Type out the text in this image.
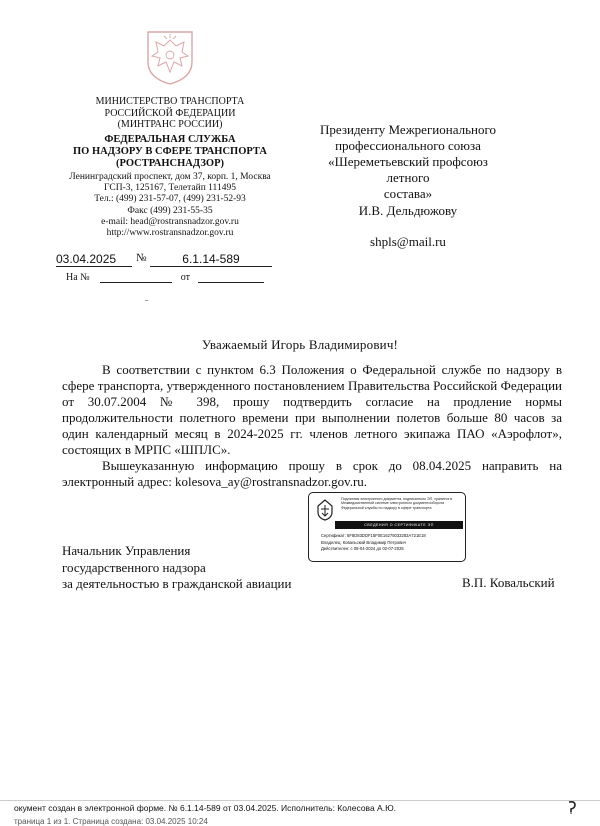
МИНИСТЕРСТВО ТРАНСПОРТА
РОССИЙСКОЙ ФЕДЕРАЦИИ
(МИНТРАНС РОССИИ)
ФЕДЕРАЛЬНАЯ СЛУЖБА
ПО НАДЗОРУ В СФЕРЕ ТРАНСПОРТА
(РОСТРАНСНАДЗОР)
Ленинградский проспект, дом 37, корп. 1, Москва
ГСП-3, 125167, Телетайп 111495
Тел.: (499) 231-57-07, (499) 231-52-93
Факс (499) 231-55-35
e-mail: head@rostransnadzor.gov.ru
http://www.rostransnadzor.gov.ru
03.04.2025	№	6.1.14-589
На №	от
Президенту Межрегионального
профессионального союза
«Шереметьевский профсоюз летного
состава»
И.В. Дельдюжову
shpls@mail.ru
Уважаемый Игорь Владимирович!

В соответствии с пунктом 6.3 Положения о Федеральной службе по надзору в сфере транспорта, утвержденного постановлением Правительства Российской Федерации от 30.07.2004 № 398, прошу подтвердить согласие на продление нормы продолжительности полетного времени при выполнении полетов больше 80 часов за один календарный месяц в 2024-2025 гг. членов летного экипажа ПАО «Аэрофлот», состоящих в МРПС «ШПЛС».

Вышеуказанную информацию прошу в срок до 08.04.2025 направить на электронный адрес: kolesova_ay@rostransnadzor.gov.ru.

Подлинник электронного документа, подписанного ЭП, хранится в Межведомственной системе электронного документооборота Федеральной службы по надзору в сфере транспорта
СВЕДЕНИЯ О СЕРТИФИКАТЕ ЭП
Сертификат: 6F8D83DDF15F0E16275033283A721E18
Владелец: Ковальский Владимир Петрович
Действителен: с 08-04-2024 до 02-07-2025
Начальник Управления
государственного надзора
за деятельностью в гражданской авиации	В.П. Ковальский
окумент создан в электронной форме. № 6.1.14-589 от 03.04.2025. Исполнитель: Колесова А.Ю.
траница 1 из 1. Страница создана: 03.04.2025 10:24
